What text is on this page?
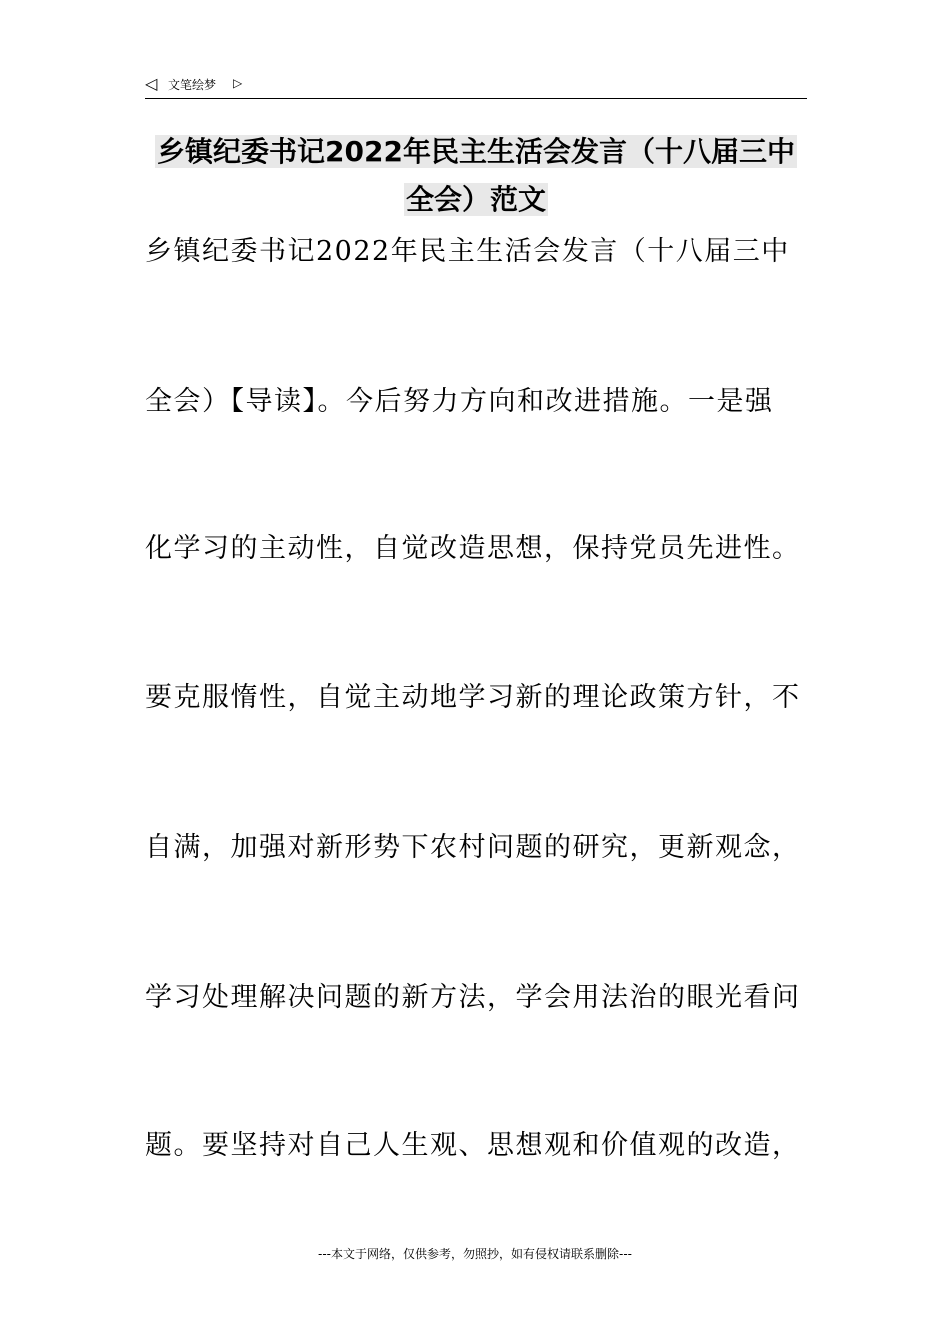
◁ 文笔绘梦 ▷
乡镇纪委书记2022年民主生活会发言（十八届三中全会）范文
乡镇纪委书记2022年民主生活会发言（十八届三中
全会）【导读】。今后努力方向和改进措施。一是强
化学习的主动性，自觉改造思想，保持党员先进性。
要克服惰性，自觉主动地学习新的理论政策方针，不
自满，加强对新形势下农村问题的研究，更新观念，
学习处理解决问题的新方法，学会用法治的眼光看问
题。要坚持对自己人生观、思想观和价值观的改造，
---本文于网络，仅供参考，勿照抄，如有侵权请联系删除---
